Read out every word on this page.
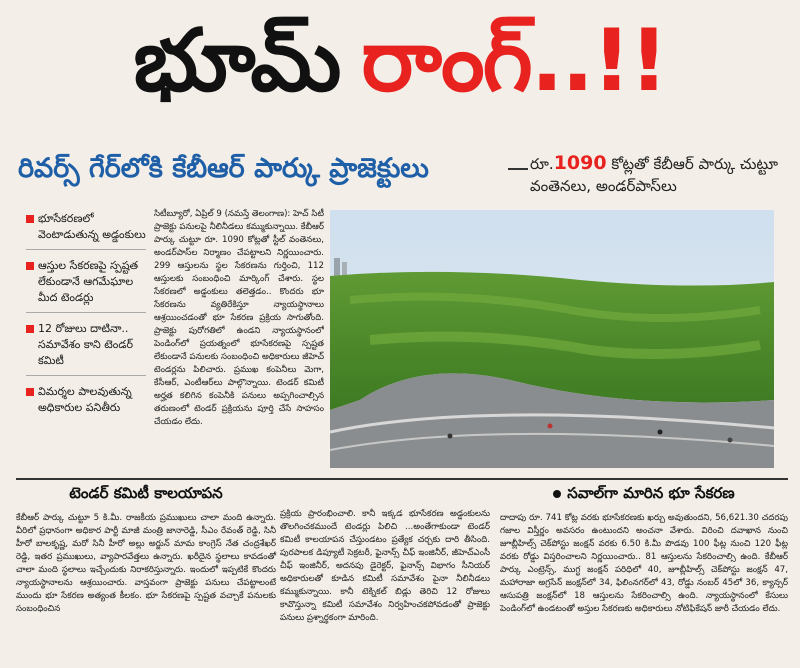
భూమ్ రాంగ్..!!
రివర్స్ గేర్‌లోకి కేబీఆర్ పార్కు ప్రాజెక్టులు	రూ.1090 కోట్లతో కేబీఆర్ పార్కు చుట్టూ వంతెనలు, అండర్‌పాస్‌లు
భూసేకరణలో వెంటాడుతున్న అడ్డంకులు
ఆస్తుల సేకరణపై స్పష్టత లేకుండానే ఆగమేఘాల మీద టెండర్లు
12 రోజులు దాటినా.. సమావేశం కాని టెండర్ కమిటీ
విమర్శల పాలవుతున్న అధికారుల పనితీరు
సిటీబ్యూరో, ఏప్రిల్ 9 (నమస్తే తెలంగాణ): హెచ్ సిటీ ప్రాజెక్టు పనులపై నీలినీడలు కమ్ముకున్నాయి. కేబీఆర్ పార్కు చుట్టూ రూ. 1090 కోట్లతో స్టీల్ వంతెనలు, అండర్‌పాస్‌ల నిర్మాణం చేపట్టాలని నిర్ణయించారు. 299 ఆస్తులను స్థల సేకరణను గుర్తించి, 112 ఆస్తులకు సంబంధించి మార్కింగ్ చేశారు. స్థల సేకరణలో అడ్డంకులు తలెత్తడం.. కొందరు భూ సేకరణను వ్యతిరేకిస్తూ న్యాయస్థానాలు ఆశ్రయించడంతో భూ సేకరణ ప్రక్రియ సాగుతోంది. ప్రాజెక్టు పురోగతిలో ఉండని న్యాయస్థానంలో పెండింగ్‌లో ప్రయత్నంలో భూసేకరణపై స్పష్టత లేకుండానే పనులకు సంబంధించి అధికారులు జీహెచ్ టెండర్లను పిలిచారు. ప్రముఖ కంపెనీలు మెగా, కేసీఆర్, ఎంటీఆర్‌లు పాల్గొన్నాయి. టెండర్ కమిటీ అర్హత కలిగిన కంపెనీకి పనులు అప్పగించాల్సిన తరుణంలో టెండర్ ప్రక్రియను పూర్తి చేసే సాహసం చేయడం లేదు.
టెండర్ కమిటీ కాలయాపన
కేబీఆర్ పార్కు చుట్టూ 5 కి.మీ. రాజకీయ ప్రముఖులు చాలా మంది ఉన్నారు. వీరిలో ప్రధానంగా అధికార పార్టీ మాజీ మంత్రి జానారెడ్డి, సీఎం రేవంత్ రెడ్డి, సినీ హీరో బాలకృష్ణ, మరో సినీ హీరో అల్లు అర్జున్ మామ కాంగ్రెస్ నేత చంద్రశేఖర్ రెడ్డి, ఇతర ప్రముఖులు, వ్యాపారవేత్తలు ఉన్నారు. ఖరీదైన స్థలాలు కావడంతో చాలా మంది స్థలాలు ఇచ్చేందుకు నిరాకరిస్తున్నారు. ఇందులో ఇప్పటికే కొందరు న్యాయస్థానాలను ఆశ్రయించారు. వాస్తవంగా ప్రాజెక్టు పనులు చేపట్టాలంటే ముందు భూ సేకరణ అత్యంత కీలకం. భూ సేకరణపై స్పష్టత వచ్చాకే పనులకు సంబంధించిన
ప్రక్రియ ప్రారంభించాలి. కానీ ఇక్కడ భూసేకరణ అడ్డంకులను తొలగించకముందే టెండర్లు పిలిచి ...అంతేగాకుండా టెండర్ కమిటీ కాలయాపన చేస్తుండటం ప్రత్యేక చర్చకు దారి తీసింది. పురపాలక డిప్యూటీ సెక్రటరీ, ఫైనాన్స్ చీఫ్ ఇంజినీర్, జీహెచ్ఎంసీ చీఫ్ ఇంజినీర్, అదనపు డైరెక్టర్, ఫైనాన్స్ విభాగం సీనియర్ అధికారులతో కూడిన కమిటీ సమావేశం పైనా నీలినీడలు కమ్ముకున్నాయి. కానీ టెక్నికల్ బిడ్లు తెరిచి 12 రోజులు కావొస్తున్నా కమిటీ సమావేశం నిర్వహించకపోవడంతో ప్రాజెక్టు పనులు ప్రశ్నార్థకంగా మారింది.
సవాల్‌గా మారిన భూ సేకరణ
దాదాపు రూ. 741 కోట్ల వరకు భూసేకరణకు ఖర్చు అవుతుందని, 56,621.30 చదరపు గజాల విస్తీర్ణం అవసరం ఉంటుందని అంచనా వేశారు. విరించి దవాఖాన నుంచి జూబ్లీహిల్స్ చెక్‌పోస్టు జంక్షన్ వరకు 6.50 కి.మీ పొడవు 100 ఫీట్ల నుంచి 120 ఫీట్ల వరకు రోడ్డు విస్తరించాలని నిర్ణయించారు.. 81 ఆస్తులను సేకరించాల్సి ఉంది. కేబీఆర్ పార్కు ఎంట్రెన్స్, ముగ్ధ జంక్షన్ పరిధిలో 40, జూబ్లీహిల్స్ చెక్‌పోస్టు జంక్షన్ 47, మహారాజా అగ్రసేన్ జంక్షన్‌లో 34, ఫిలింనగర్‌లో 43, రోడ్డు నంబర్ 45లో 36, క్యాన్సర్ ఆసుపత్రి జంక్షన్‌లో 18 ఆస్తులను సేకరించాల్సి ఉంది. న్యాయస్థానంలో కేసులు పెండింగ్‌లో ఉండటంతో అస్తుల సేకరణకు అధికారులు నోటిఫికేషన్ జారీ చేయడం లేదు.
